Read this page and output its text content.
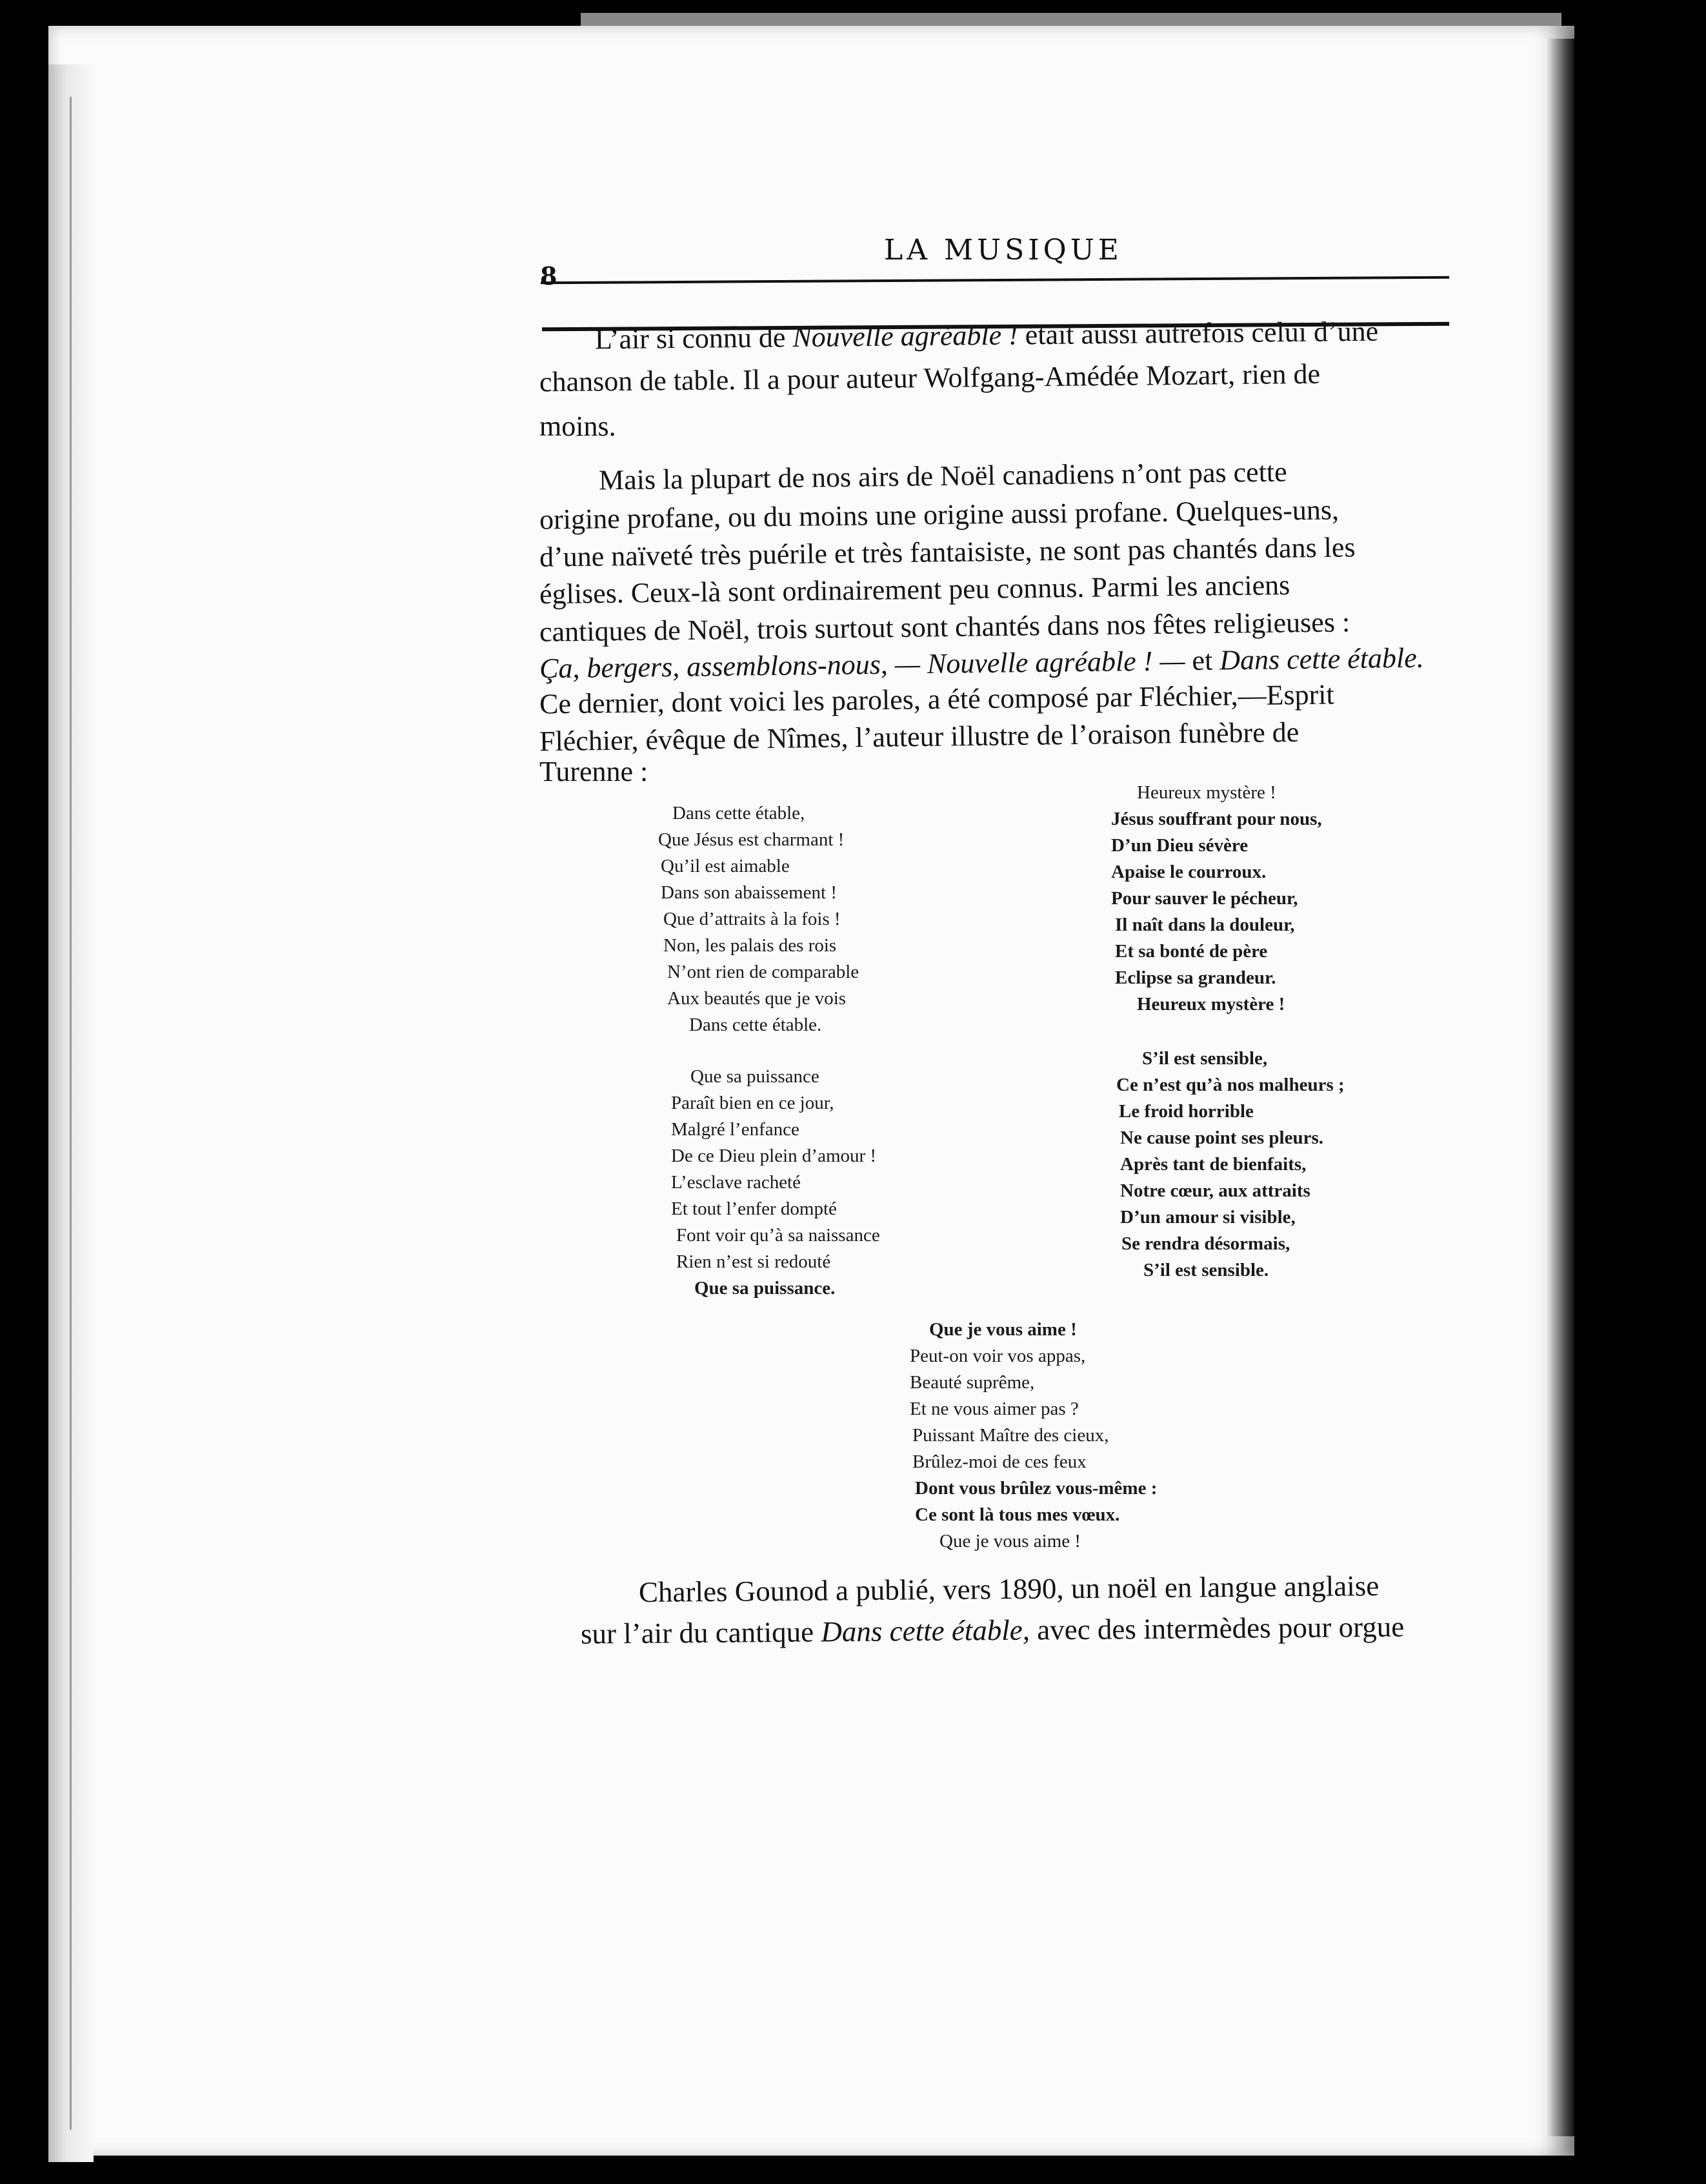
8
LA MUSIQUE
L’air si connu de Nouvelle agréable ! était aussi autrefois celui d’une
chanson de table. Il a pour auteur Wolfgang-Amédée Mozart, rien de
moins.
Mais la plupart de nos airs de Noël canadiens n’ont pas cette
origine profane, ou du moins une origine aussi profane. Quelques-uns,
d’une naïveté très puérile et très fantaisiste, ne sont pas chantés dans les
églises. Ceux-là sont ordinairement peu connus. Parmi les anciens
cantiques de Noël, trois surtout sont chantés dans nos fêtes religieuses :
Ça, bergers, assemblons-nous, — Nouvelle agréable ! — et Dans cette étable.
Ce dernier, dont voici les paroles, a été composé par Fléchier,—Esprit
Fléchier, évêque de Nîmes, l’auteur illustre de l’oraison funèbre de
Turenne :
Dans cette étable,
Que Jésus est charmant !
Qu’il est aimable
Dans son abaissement !
Que d’attraits à la fois !
Non, les palais des rois
N’ont rien de comparable
Aux beautés que je vois
Dans cette étable.
Que sa puissance
Paraît bien en ce jour,
Malgré l’enfance
De ce Dieu plein d’amour !
L’esclave racheté
Et tout l’enfer dompté
Font voir qu’à sa naissance
Rien n’est si redouté
Que sa puissance.
Heureux mystère !
Jésus souffrant pour nous,
D’un Dieu sévère
Apaise le courroux.
Pour sauver le pécheur,
Il naît dans la douleur,
Et sa bonté de père
Eclipse sa grandeur.
Heureux mystère !
S’il est sensible,
Ce n’est qu’à nos malheurs ;
Le froid horrible
Ne cause point ses pleurs.
Après tant de bienfaits,
Notre cœur, aux attraits
D’un amour si visible,
Se rendra désormais,
S’il est sensible.
Que je vous aime !
Peut-on voir vos appas,
Beauté suprême,
Et ne vous aimer pas ?
Puissant Maître des cieux,
Brûlez-moi de ces feux
Dont vous brûlez vous-même :
Ce sont là tous mes vœux.
Que je vous aime !
Charles Gounod a publié, vers 1890, un noël en langue anglaise
sur l’air du cantique Dans cette étable, avec des intermèdes pour orgue
